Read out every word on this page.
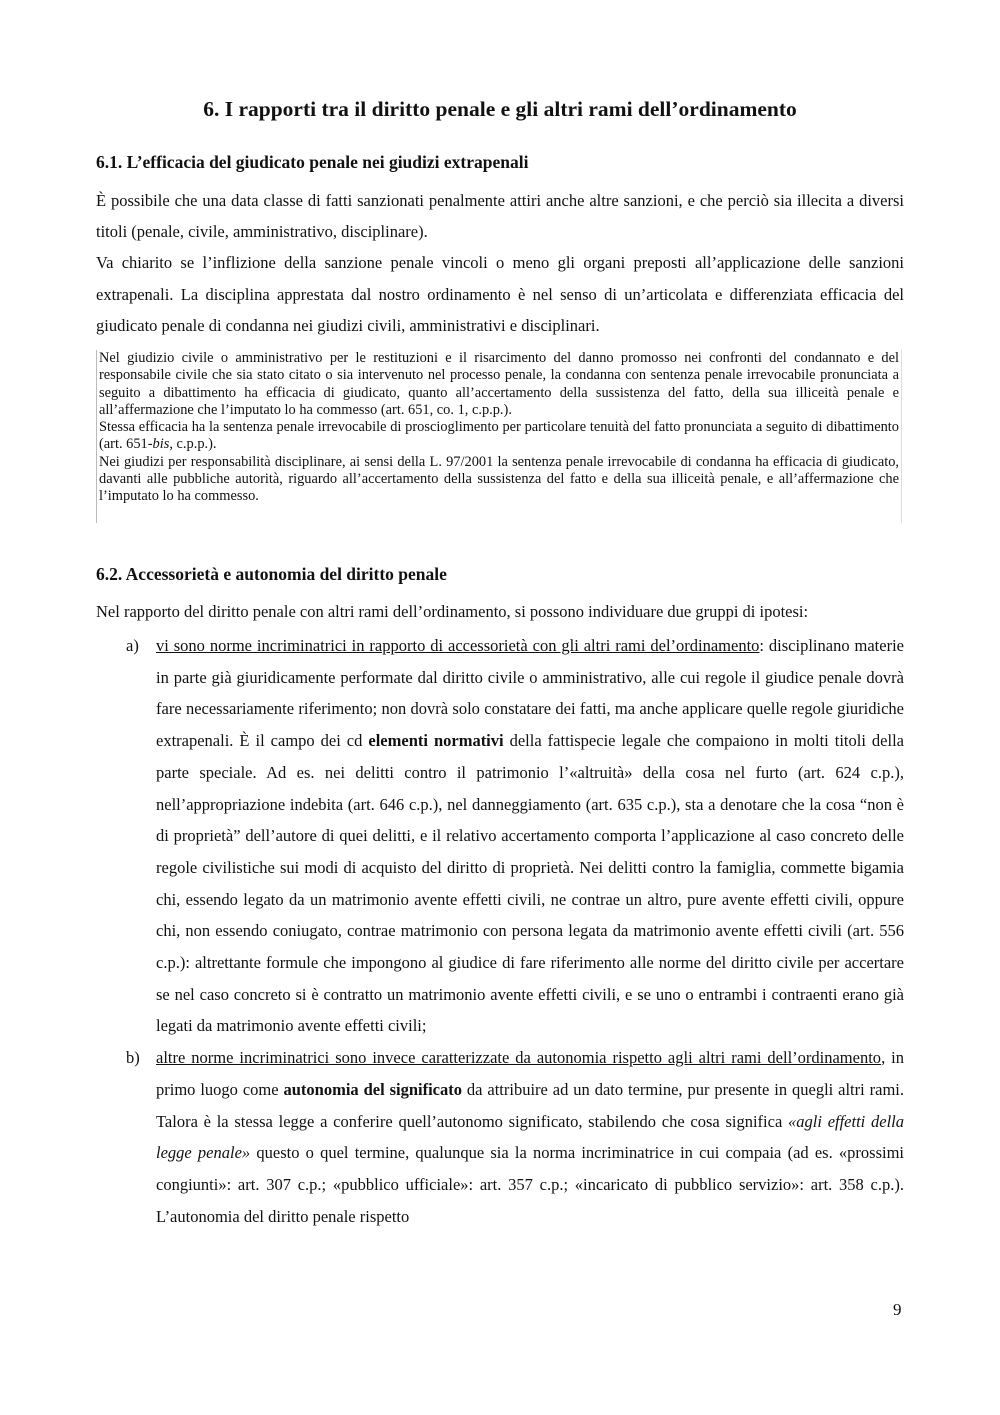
6. I rapporti tra il diritto penale e gli altri rami dell’ordinamento
6.1. L’efficacia del giudicato penale nei giudizi extrapenali
È possibile che una data classe di fatti sanzionati penalmente attiri anche altre sanzioni, e che perciò sia illecita a diversi titoli (penale, civile, amministrativo, disciplinare).
Va chiarito se l’inflizione della sanzione penale vincoli o meno gli organi preposti all’applicazione delle sanzioni extrapenali. La disciplina apprestata dal nostro ordinamento è nel senso di un’articolata e differenziata efficacia del giudicato penale di condanna nei giudizi civili, amministrativi e disciplinari.

Nel giudizio civile o amministrativo per le restituzioni e il risarcimento del danno promosso nei confronti del condannato e del responsabile civile che sia stato citato o sia intervenuto nel processo penale, la condanna con sentenza penale irrevocabile pronunciata a seguito a dibattimento ha efficacia di giudicato, quanto all’accertamento della sussistenza del fatto, della sua illiceità penale e all’affermazione che l’imputato lo ha commesso (art. 651, co. 1, c.p.p.).

Stessa efficacia ha la sentenza penale irrevocabile di proscioglimento per particolare tenuità del fatto pronunciata a seguito di dibattimento (art. 651-bis, c.p.p.).

Nei giudizi per responsabilità disciplinare, ai sensi della L. 97/2001 la sentenza penale irrevocabile di condanna ha efficacia di giudicato, davanti alle pubbliche autorità, riguardo all’accertamento della sussistenza del fatto e della sua illiceità penale, e all’affermazione che l’imputato lo ha commesso.

6.2. Accessorietà e autonomia del diritto penale
Nel rapporto del diritto penale con altri rami dell’ordinamento, si possono individuare due gruppi di ipotesi:
a) vi sono norme incriminatrici in rapporto di accessorietà con gli altri rami del’ordinamento: disciplinano materie in parte già giuridicamente performate dal diritto civile o amministrativo, alle cui regole il giudice penale dovrà fare necessariamente riferimento; non dovrà solo constatare dei fatti, ma anche applicare quelle regole giuridiche extrapenali. È il campo dei cd elementi normativi della fattispecie legale che compaiono in molti titoli della parte speciale. Ad es. nei delitti contro il patrimonio l’«altruità» della cosa nel furto (art. 624 c.p.), nell’appropriazione indebita (art. 646 c.p.), nel danneggiamento (art. 635 c.p.), sta a denotare che la cosa “non è di proprietà” dell’autore di quei delitti, e il relativo accertamento comporta l’applicazione al caso concreto delle regole civilistiche sui modi di acquisto del diritto di proprietà. Nei delitti contro la famiglia, commette bigamia chi, essendo legato da un matrimonio avente effetti civili, ne contrae un altro, pure avente effetti civili, oppure chi, non essendo coniugato, contrae matrimonio con persona legata da matrimonio avente effetti civili (art. 556 c.p.): altrettante formule che impongono al giudice di fare riferimento alle norme del diritto civile per accertare se nel caso concreto si è contratto un matrimonio avente effetti civili, e se uno o entrambi i contraenti erano già legati da matrimonio avente effetti civili;
b) altre norme incriminatrici sono invece caratterizzate da autonomia rispetto agli altri rami dell’ordinamento, in primo luogo come autonomia del significato da attribuire ad un dato termine, pur presente in quegli altri rami. Talora è la stessa legge a conferire quell’autonomo significato, stabilendo che cosa significa «agli effetti della legge penale» questo o quel termine, qualunque sia la norma incriminatrice in cui compaia (ad es. «prossimi congiunti»: art. 307 c.p.; «pubblico ufficiale»: art. 357 c.p.; «incaricato di pubblico servizio»: art. 358 c.p.). L’autonomia del diritto penale rispetto
9
